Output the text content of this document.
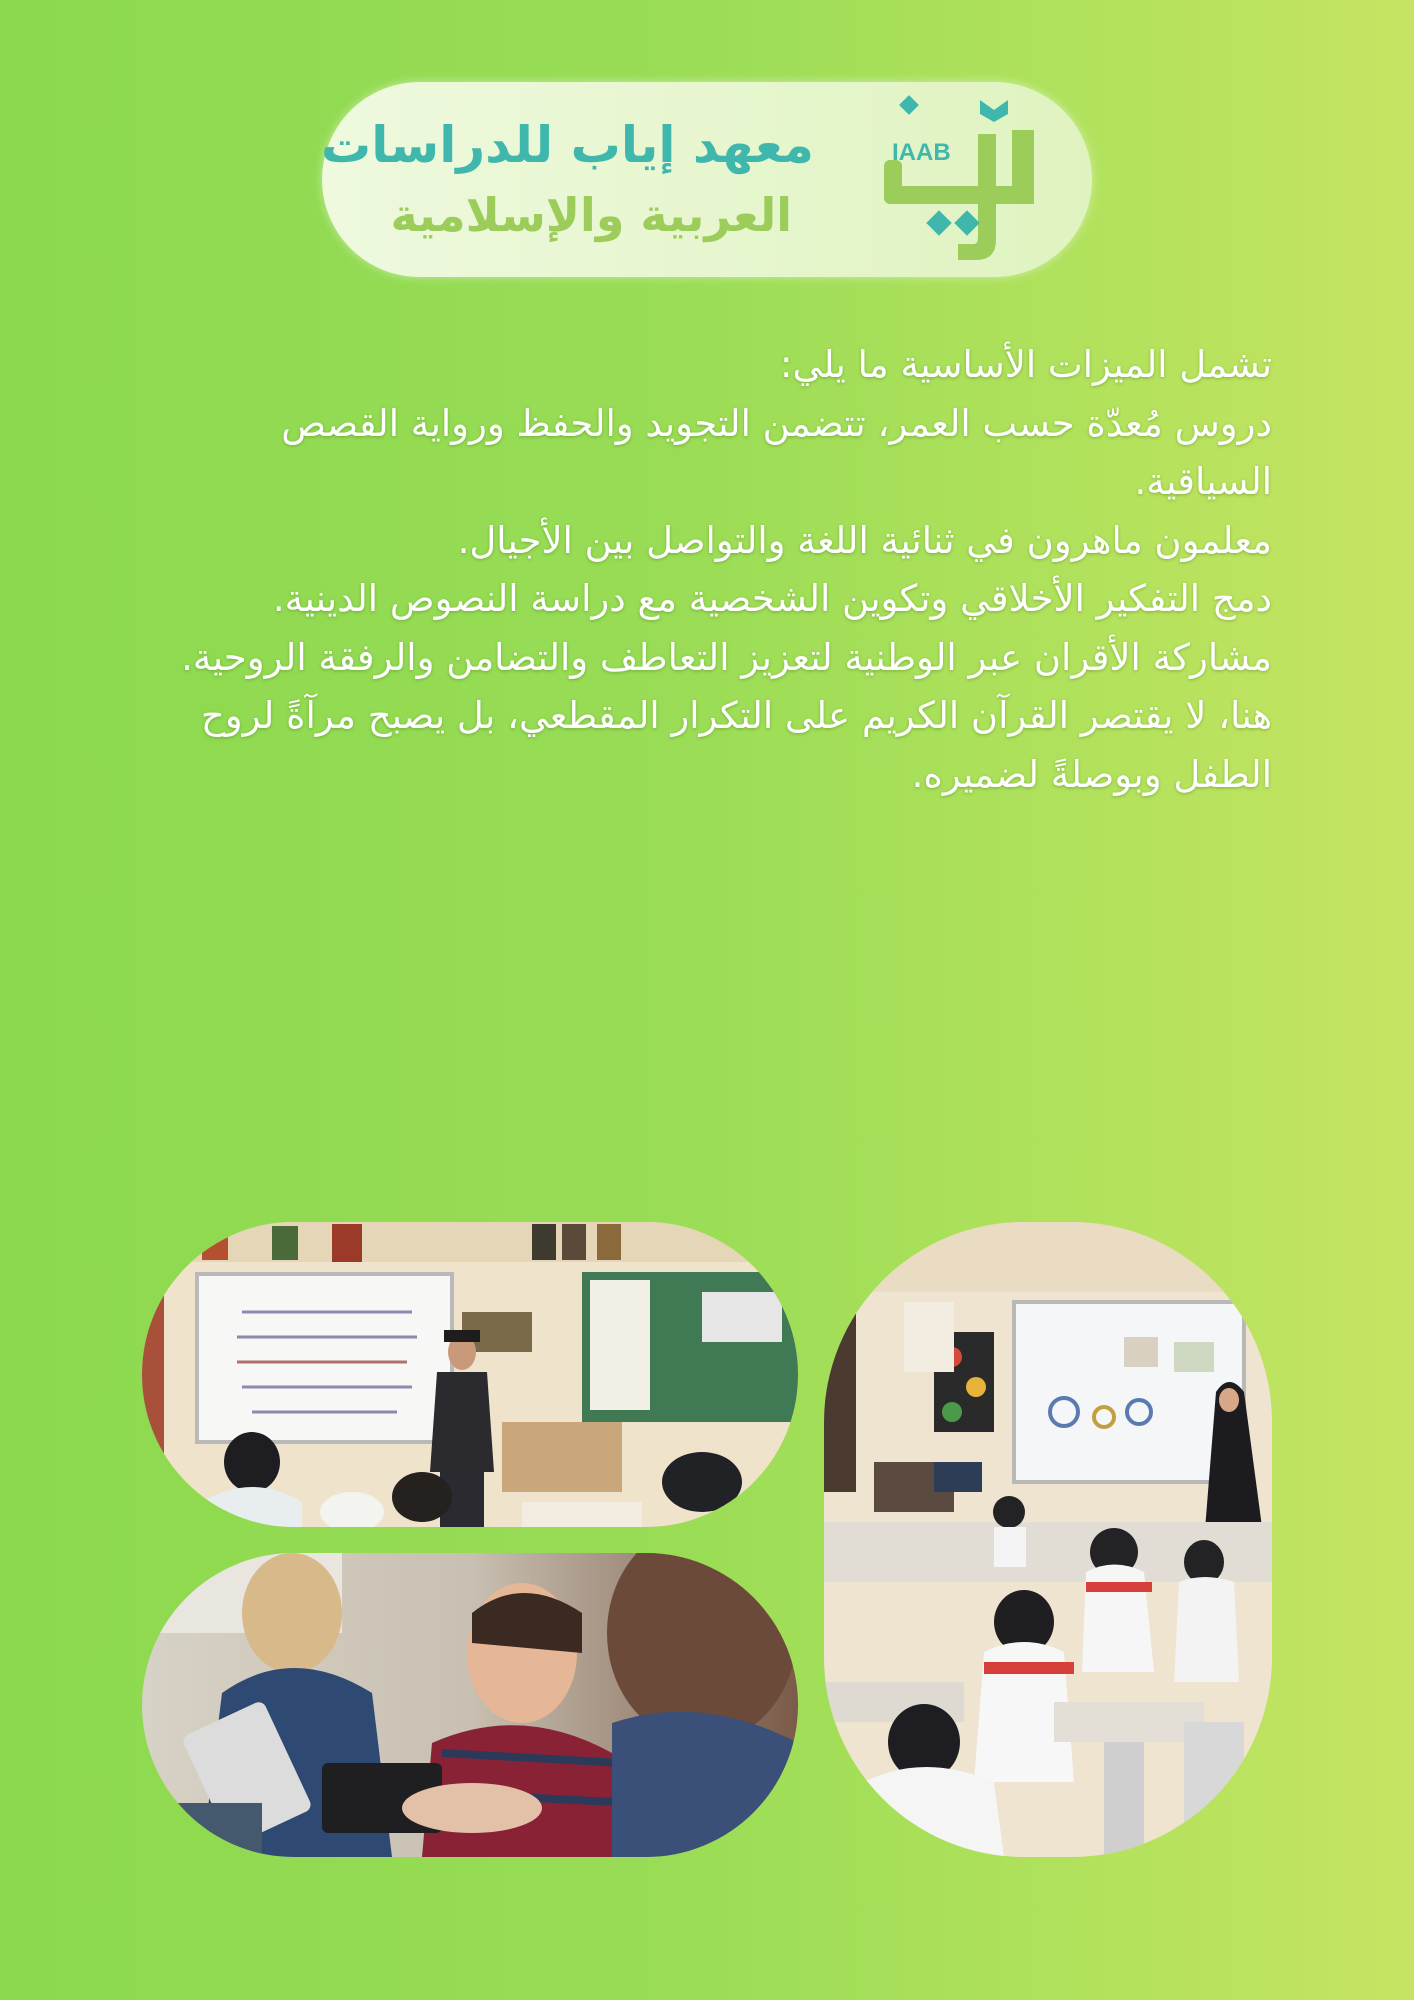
IAAB
معهد إياب للدراسات
العربية والإسلامية

تشمل الميزات الأساسية ما يلي:

دروس مُعدّة حسب العمر، تتضمن التجويد والحفظ ورواية القصص السياقية.

معلمون ماهرون في ثنائية اللغة والتواصل بين الأجيال.

دمج التفكير الأخلاقي وتكوين الشخصية مع دراسة النصوص الدينية.

مشاركة الأقران عبر الوطنية لتعزيز التعاطف والتضامن والرفقة الروحية.

هنا، لا يقتصر القرآن الكريم على التكرار المقطعي، بل يصبح مرآةً لروح الطفل وبوصلةً لضميره.
